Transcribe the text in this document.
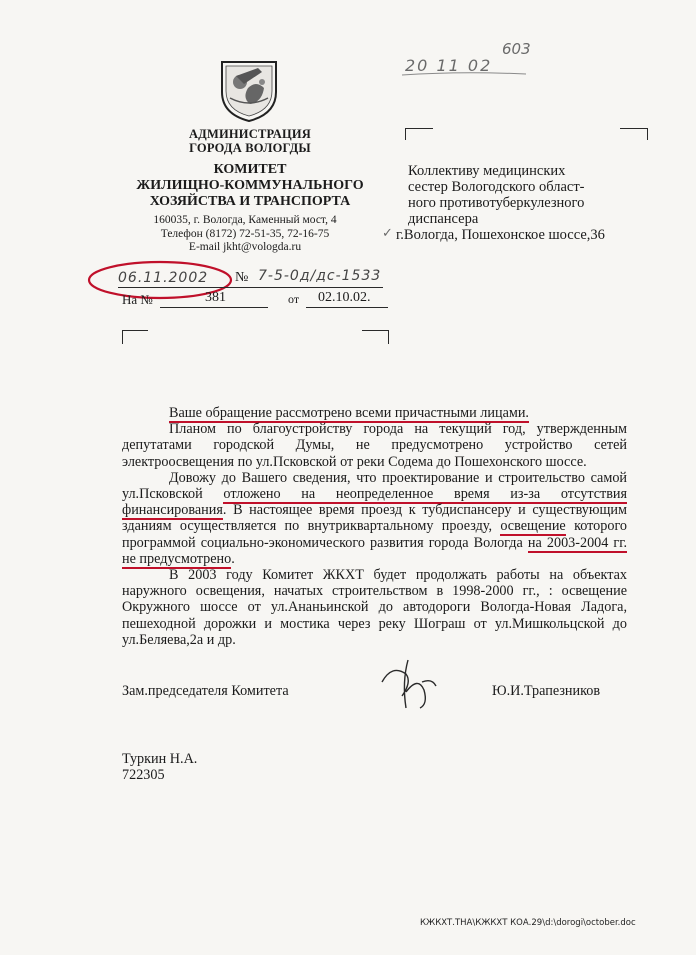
603
20 11 02
АДМИНИСТРАЦИЯ
ГОРОДА ВОЛОГДЫ
КОМИТЕТ
ЖИЛИЩНО-КОММУНАЛЬНОГО
ХОЗЯЙСТВА И ТРАНСПОРТА
160035, г. Вологда, Каменный мост, 4
Телефон (8172) 72-51-35, 72-16-75
E-mail jkht@vologda.ru
Коллективу медицинских
сестер Вологодского област-
ного противотуберкулезного
диспансера
г.Вологда, Пошехонское шоссе,36
✓
06.11.2002 № 7-5-0д/дс-1533
На №	381	от 02.10.02.

Ваше обращение рассмотрено всеми причастными лицами.

Планом по благоустройству города на текущий год, утвержденным депутатами городской Думы, не предусмотрено устройство сетей электроосвещения по ул.Псковской от реки Содема до Пошехонского шоссе.

Довожу до Вашего сведения, что проектирование и строительство самой ул.Псковской отложено на неопределенное время из-за отсутствия финансирования. В настоящее время проезд к тубдиспансеру и существующим зданиям осуществляется по внутриквартальному проезду, освещение которого программой социально-экономического развития города Вологда на 2003-2004 гг. не предусмотрено.

В 2003 году Комитет ЖКХТ будет продолжать работы на объектах наружного освещения, начатых строительством в 1998-2000 гг., : освещение Окружного шоссе от ул.Ананьинской до автодороги Вологда-Новая Ладога, пешеходной дорожки и мостика через реку Шограш от ул.Мишкольцской до ул.Беляева,2а и др.

Зам.председателя Комитета	Ю.И.Трапезников
Туркин Н.А.
722305
КЖКХТ.ТНА\КЖКХТ КОА.29\d:\dorogi\october.doc
